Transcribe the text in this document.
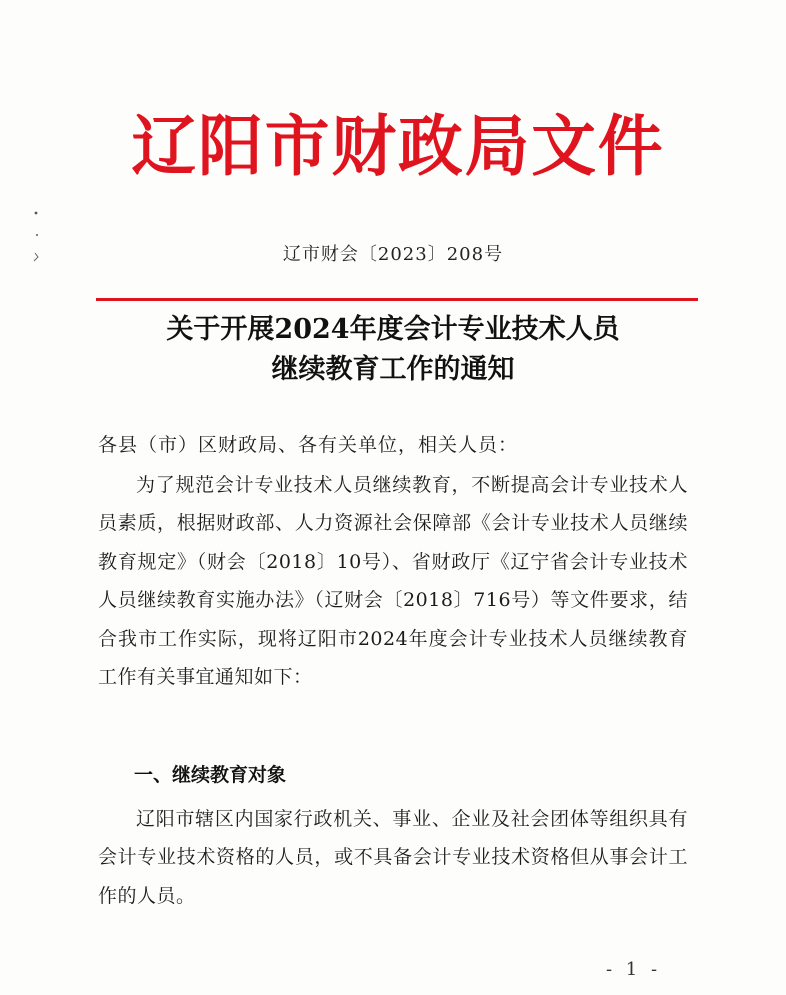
辽阳市财政局文件
辽市财会〔2023〕208号
关于开展2024年度会计专业技术人员
继续教育工作的通知
各县（市）区财政局、各有关单位，相关人员：

为了规范会计专业技术人员继续教育，不断提高会计专业技术人员素质，根据财政部、人力资源社会保障部《会计专业技术人员继续教育规定》（财会〔2018〕10号）、省财政厅《辽宁省会计专业技术人员继续教育实施办法》（辽财会〔2018〕716号）等文件要求，结合我市工作实际，现将辽阳市2024年度会计专业技术人员继续教育工作有关事宜通知如下：

一、继续教育对象

辽阳市辖区内国家行政机关、事业、企业及社会团体等组织具有会计专业技术资格的人员，或不具备会计专业技术资格但从事会计工作的人员。

- 1 -
